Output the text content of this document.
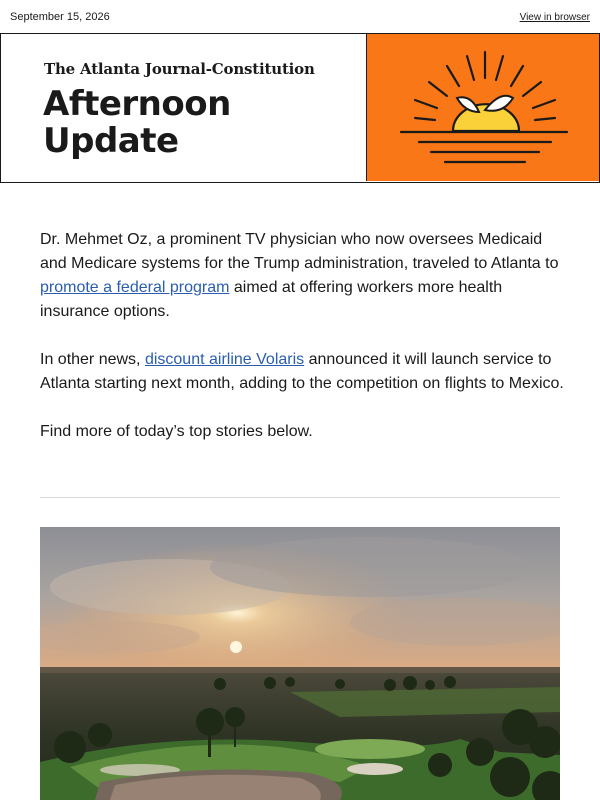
September 15, 2026	View in browser
The Atlanta Journal-Constitution
Afternoon
Update

Dr. Mehmet Oz, a prominent TV physician who now oversees Medicaid and Medicare systems for the Trump administration, traveled to Atlanta to promote a federal program aimed at offering workers more health insurance options.

In other news, discount airline Volaris announced it will launch service to Atlanta starting next month, adding to the competition on flights to Mexico.

Find more of today’s top stories below.
